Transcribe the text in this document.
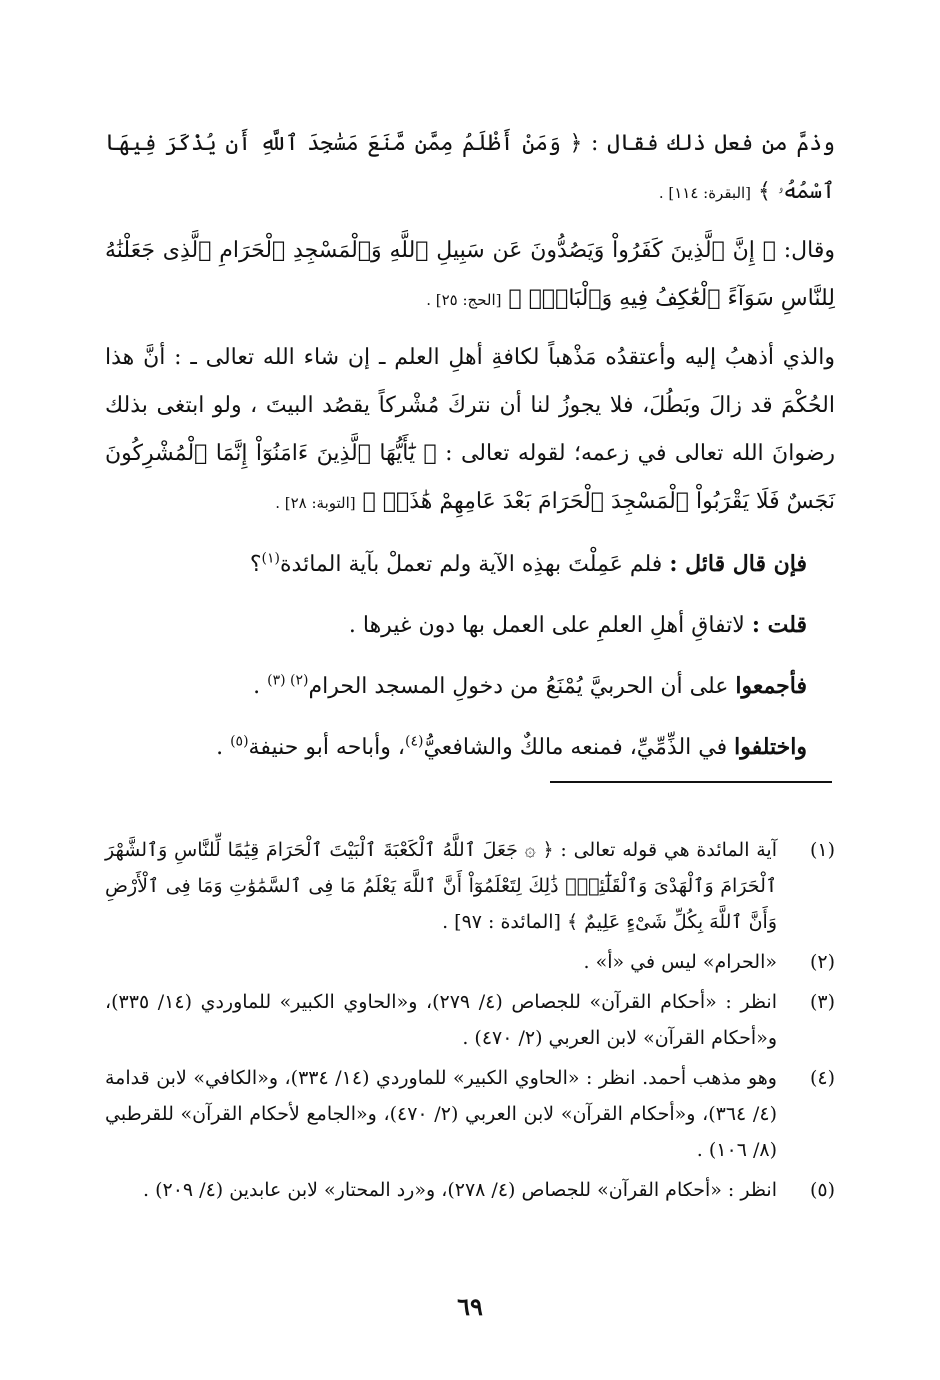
وذمَّ من فعل ذلك فقال : ﴿ وَمَنْ أَظْلَمُ مِمَّن مَّنَعَ مَسَٰجِدَ ٱللَّهِ أَن يُذْكَرَ فِيهَا ٱسْمُهُۥ ﴾ [البقرة: ١١٤] .

وقال: ﴿ إِنَّ ٱلَّذِينَ كَفَرُواْ وَيَصُدُّونَ عَن سَبِيلِ ٱللَّهِ وَٱلْمَسْجِدِ ٱلْحَرَامِ ٱلَّذِى جَعَلْنَٰهُ لِلنَّاسِ سَوَآءً ٱلْعَٰكِفُ فِيهِ وَٱلْبَادِۚ ﴾ [الحج: ٢٥] .

والذي أذهبُ إليه وأعتقدُه مَذْهباً لكافةِ أهلِ العلم ـ إن شاء الله تعالى ـ : أنَّ هذا الحُكْمَ قد زالَ وبَطُلَ، فلا يجوزُ لنا أن نتركَ مُشْركاً يقصُد البيتَ ، ولو ابتغى بذلك رضوانَ الله تعالى في زعمه؛ لقوله تعالى : ﴿ يَٰٓأَيُّهَا ٱلَّذِينَ ءَامَنُوٓاْ إِنَّمَا ٱلْمُشْرِكُونَ نَجَسٌ فَلَا يَقْرَبُواْ ٱلْمَسْجِدَ ٱلْحَرَامَ بَعْدَ عَامِهِمْ هَٰذَاۚ ﴾ [التوبة: ٢٨] .

فإن قال قائل : فلم عَمِلْتَ بهذِه الآية ولم تعملْ بآية المائدة$^{(١)}$؟

قلت : لاتفاقِ أهلِ العلمِ على العمل بها دون غيرها .

فأجمعوا على أن الحربيَّ يُمْنَعُ من دخولِ المسجد الحرام$^{(٢) (٣)}$ .

واختلفوا في الذِّمِّيِّ، فمنعه مالكٌ والشافعيُّ$^{(٤)}$، وأباحه أبو حنيفة$^{(٥)}$ .

(١)
آية المائدة هي قوله تعالى : ﴿ ۞ جَعَلَ ٱللَّهُ ٱلْكَعْبَةَ ٱلْبَيْتَ ٱلْحَرَامَ قِيَٰمًا لِّلنَّاسِ وَٱلشَّهْرَ ٱلْحَرَامَ وَٱلْهَدْىَ وَٱلْقَلَٰٓئِدَۚ ذَٰلِكَ لِتَعْلَمُوٓاْ أَنَّ ٱللَّهَ يَعْلَمُ مَا فِى ٱلسَّمَٰوَٰتِ وَمَا فِى ٱلْأَرْضِ وَأَنَّ ٱللَّهَ بِكُلِّ شَىْءٍ عَلِيمٌ ﴾ [المائدة : ٩٧] .
(٢)
«الحرام» ليس في «أ» .
(٣)
انظر : «أحكام القرآن» للجصاص (٤/ ٢٧٩)، و«الحاوي الكبير» للماوردي (١٤/ ٣٣٥)، و«أحكام القرآن» لابن العربي (٢/ ٤٧٠) .
(٤)
وهو مذهب أحمد. انظر : «الحاوي الكبير» للماوردي (١٤/ ٣٣٤)، و«الكافي» لابن قدامة (٤/ ٣٦٤)، و«أحكام القرآن» لابن العربي (٢/ ٤٧٠)، و«الجامع لأحكام القرآن» للقرطبي (٨/ ١٠٦) .
(٥)
انظر : «أحكام القرآن» للجصاص (٤/ ٢٧٨)، و«رد المحتار» لابن عابدين (٤/ ٢٠٩) .
٦٩
